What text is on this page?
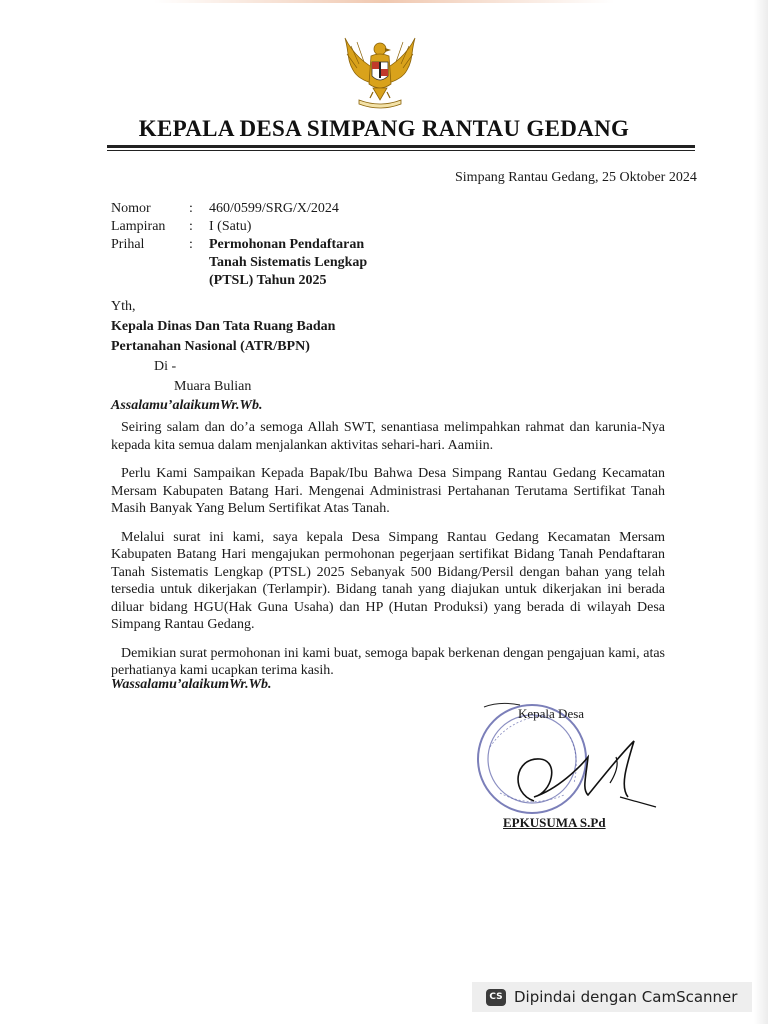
KEPALA DESA SIMPANG RANTAU GEDANG
Simpang Rantau Gedang, 25 Oktober 2024
Nomor	:	460/0599/SRG/X/2024
Lampiran	:	I (Satu)
Prihal	:	Permohonan Pendaftaran
Tanah Sistematis Lengkap
(PTSL) Tahun 2025
Yth,
Kepala Dinas Dan Tata Ruang Badan
Pertanahan Nasional (ATR/BPN)
Di -
Muara Bulian
Assalamu’alaikumWr.Wb.

Seiring salam dan do’a semoga Allah SWT, senantiasa melimpahkan rahmat dan karunia-Nya kepada kita semua dalam menjalankan aktivitas sehari-hari. Aamiin.

Perlu Kami Sampaikan Kepada Bapak/Ibu Bahwa Desa Simpang Rantau Gedang Kecamatan Mersam Kabupaten Batang Hari. Mengenai Administrasi Pertahanan Terutama Sertifikat Tanah Masih Banyak Yang Belum Sertifikat Atas Tanah.

Melalui surat ini kami, saya kepala Desa Simpang Rantau Gedang Kecamatan Mersam Kabupaten Batang Hari mengajukan permohonan pegerjaan sertifikat Bidang Tanah Pendaftaran Tanah Sistematis Lengkap (PTSL) 2025 Sebanyak 500 Bidang/Persil dengan bahan yang telah tersedia untuk dikerjakan (Terlampir). Bidang tanah yang diajukan untuk dikerjakan ini berada diluar bidang HGU(Hak Guna Usaha) dan HP (Hutan Produksi) yang berada di wilayah Desa Simpang Rantau Gedang.

Demikian surat permohonan ini kami buat, semoga bapak berkenan dengan pengajuan kami, atas perhatianya kami ucapkan terima kasih.

Wassalamu’alaikumWr.Wb.
Kepala Desa
EPKUSUMA S.Pd
CS Dipindai dengan CamScanner
